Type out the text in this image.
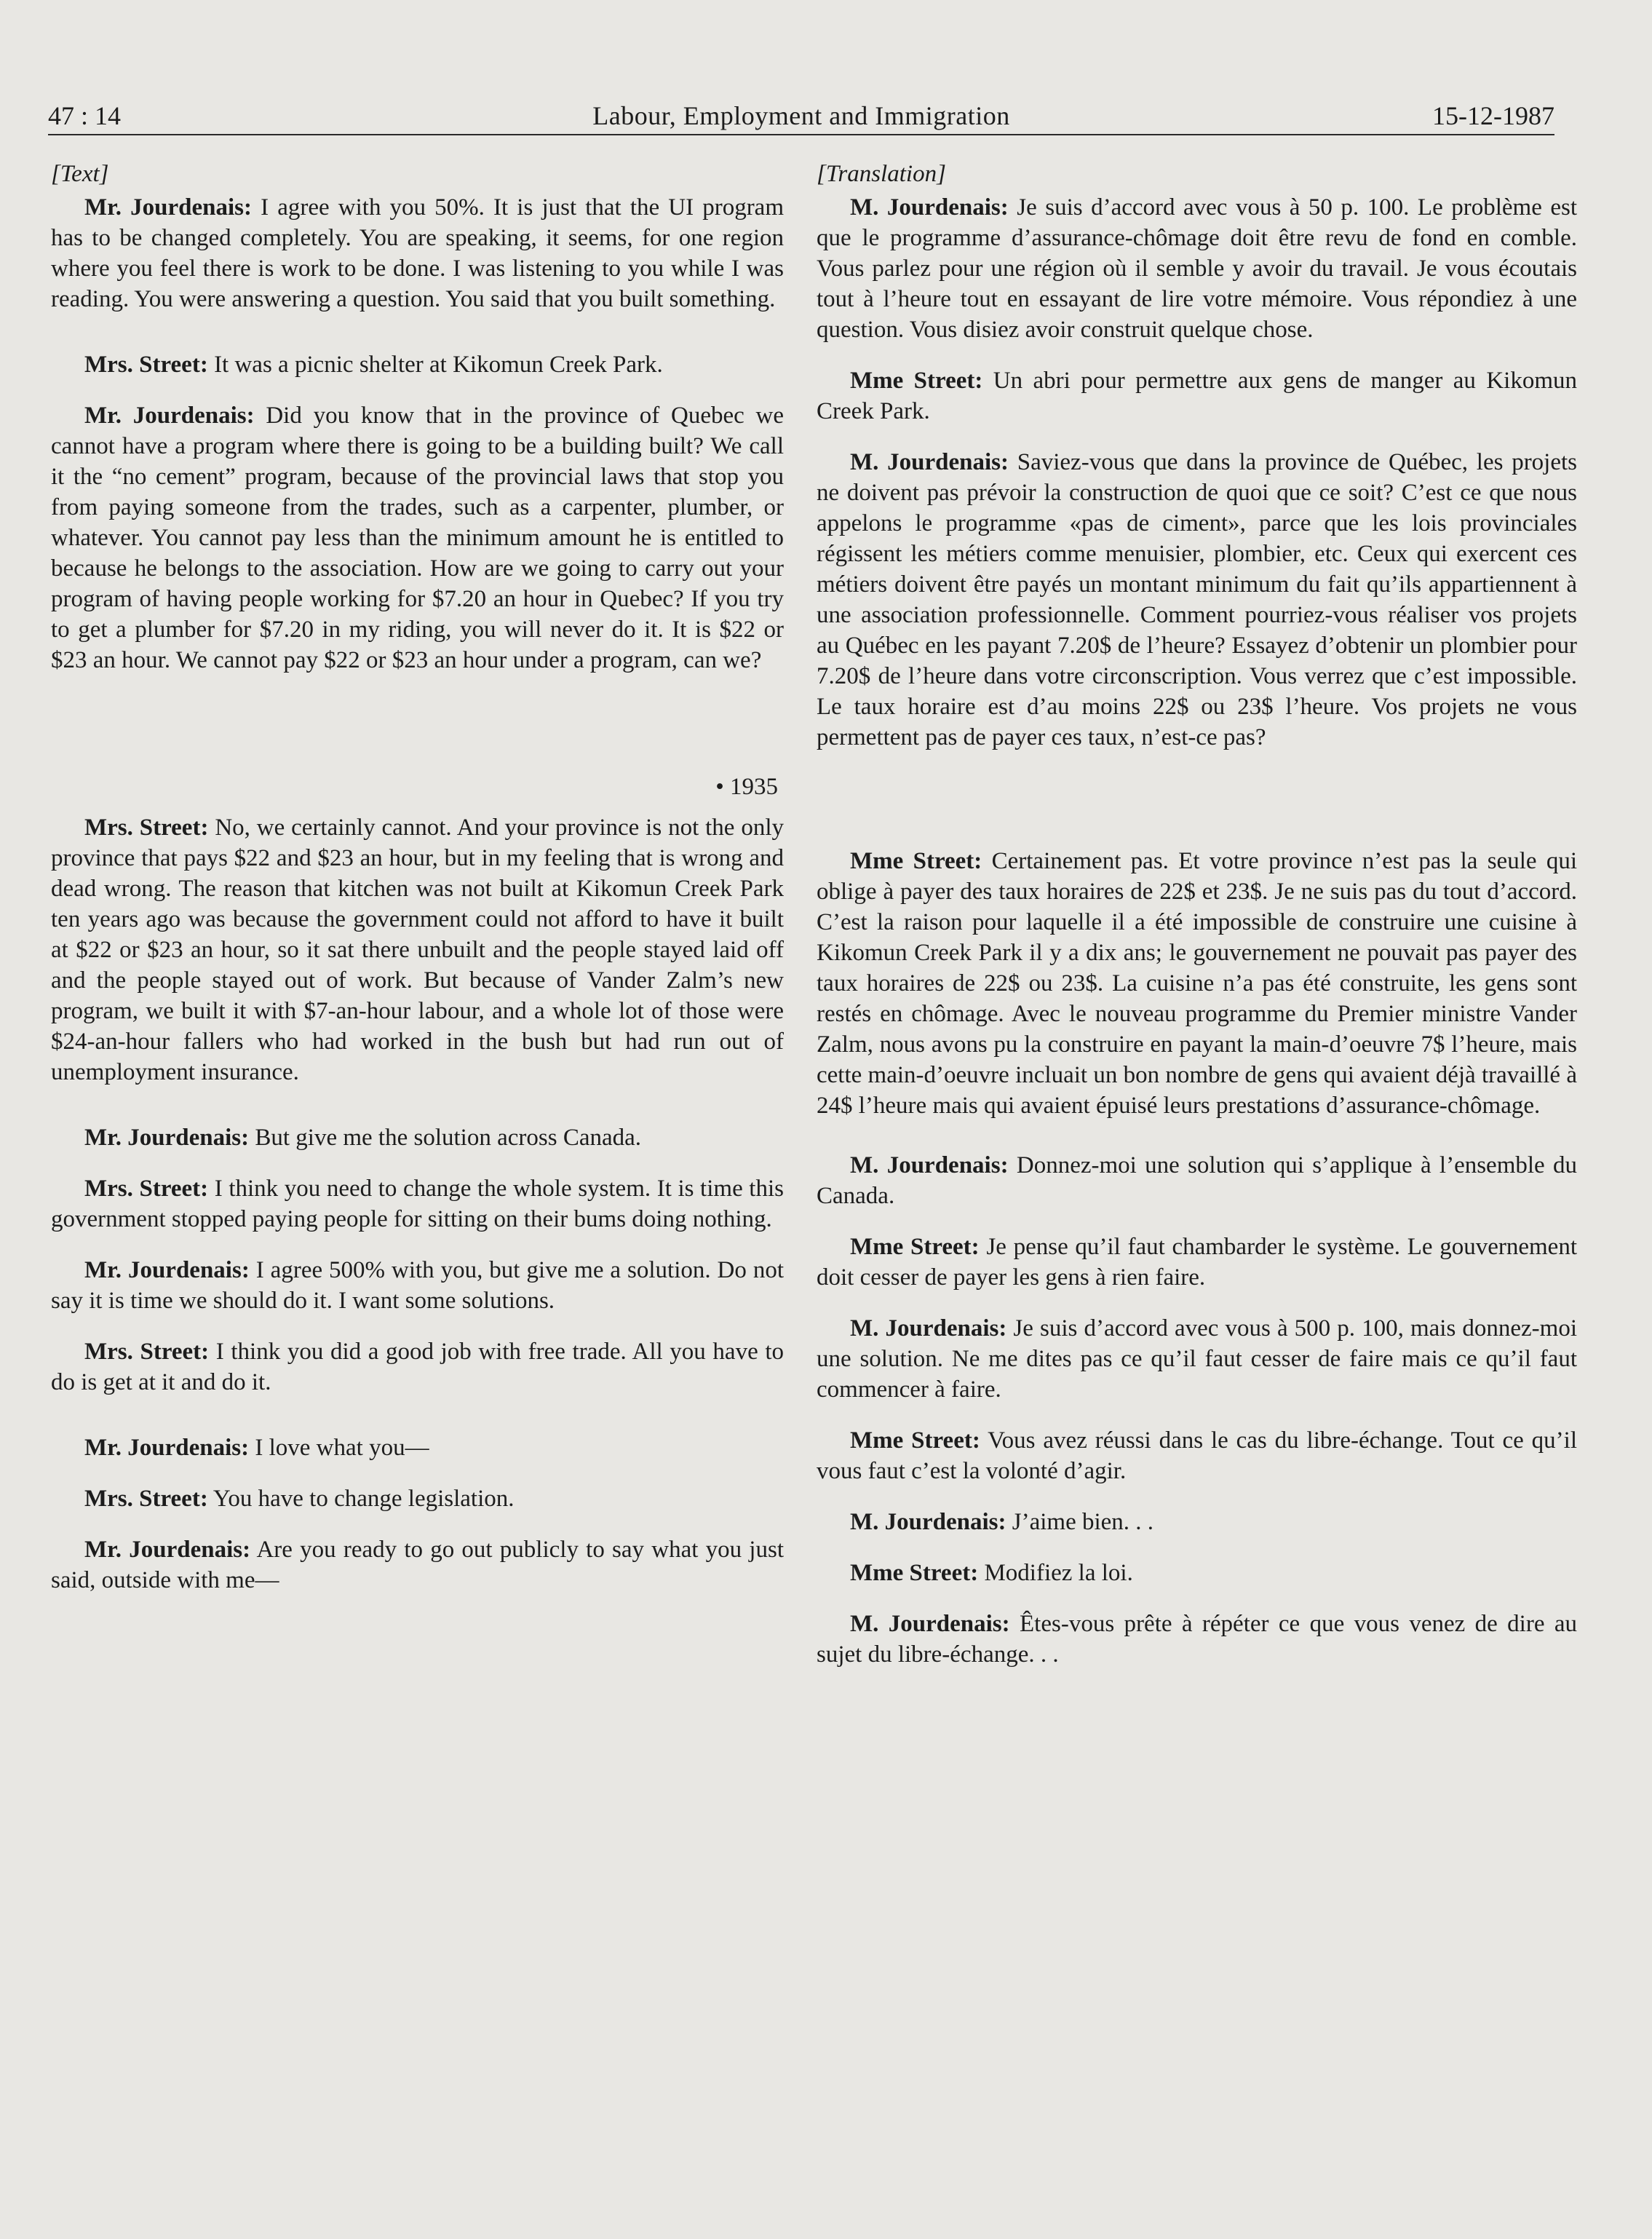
47 : 14	Labour, Employment and Immigration	15-12-1987
[Text]

Mr. Jourdenais: I agree with you 50%. It is just that the UI program has to be changed completely. You are speaking, it seems, for one region where you feel there is work to be done. I was listening to you while I was reading. You were answering a question. You said that you built something.

Mrs. Street: It was a picnic shelter at Kikomun Creek Park.

Mr. Jourdenais: Did you know that in the province of Quebec we cannot have a program where there is going to be a building built? We call it the “no cement” program, because of the provincial laws that stop you from paying someone from the trades, such as a carpenter, plumber, or whatever. You cannot pay less than the minimum amount he is entitled to because he belongs to the association. How are we going to carry out your program of having people working for $7.20 an hour in Quebec? If you try to get a plumber for $7.20 in my riding, you will never do it. It is $22 or $23 an hour. We cannot pay $22 or $23 an hour under a program, can we?

• 1935

Mrs. Street: No, we certainly cannot. And your province is not the only province that pays $22 and $23 an hour, but in my feeling that is wrong and dead wrong. The reason that kitchen was not built at Kikomun Creek Park ten years ago was because the government could not afford to have it built at $22 or $23 an hour, so it sat there unbuilt and the people stayed laid off and the people stayed out of work. But because of Vander Zalm’s new program, we built it with $7-an-hour labour, and a whole lot of those were $24-an-hour fallers who had worked in the bush but had run out of unemployment insurance.

Mr. Jourdenais: But give me the solution across Canada.

Mrs. Street: I think you need to change the whole system. It is time this government stopped paying people for sitting on their bums doing nothing.

Mr. Jourdenais: I agree 500% with you, but give me a solution. Do not say it is time we should do it. I want some solutions.

Mrs. Street: I think you did a good job with free trade. All you have to do is get at it and do it.

Mr. Jourdenais: I love what you—

Mrs. Street: You have to change legislation.

Mr. Jourdenais: Are you ready to go out publicly to say what you just said, outside with me—

[Translation]

M. Jourdenais: Je suis d’accord avec vous à 50 p. 100. Le problème est que le programme d’assurance-chômage doit être revu de fond en comble. Vous parlez pour une région où il semble y avoir du travail. Je vous écoutais tout à l’heure tout en essayant de lire votre mémoire. Vous répondiez à une question. Vous disiez avoir construit quelque chose.

Mme Street: Un abri pour permettre aux gens de manger au Kikomun Creek Park.

M. Jourdenais: Saviez-vous que dans la province de Québec, les projets ne doivent pas prévoir la construction de quoi que ce soit? C’est ce que nous appelons le programme «pas de ciment», parce que les lois provinciales régissent les métiers comme menuisier, plombier, etc. Ceux qui exercent ces métiers doivent être payés un montant minimum du fait qu’ils appartiennent à une association professionnelle. Comment pourriez-vous réaliser vos projets au Québec en les payant 7.20$ de l’heure? Essayez d’obtenir un plombier pour 7.20$ de l’heure dans votre circonscription. Vous verrez que c’est impossible. Le taux horaire est d’au moins 22$ ou 23$ l’heure. Vos projets ne vous permettent pas de payer ces taux, n’est-ce pas?

Mme Street: Certainement pas. Et votre province n’est pas la seule qui oblige à payer des taux horaires de 22$ et 23$. Je ne suis pas du tout d’accord. C’est la raison pour laquelle il a été impossible de construire une cuisine à Kikomun Creek Park il y a dix ans; le gouvernement ne pouvait pas payer des taux horaires de 22$ ou 23$. La cuisine n’a pas été construite, les gens sont restés en chômage. Avec le nouveau programme du Premier ministre Vander Zalm, nous avons pu la construire en payant la main-d’oeuvre 7$ l’heure, mais cette main-d’oeuvre incluait un bon nombre de gens qui avaient déjà travaillé à 24$ l’heure mais qui avaient épuisé leurs prestations d’assurance-chômage.

M. Jourdenais: Donnez-moi une solution qui s’applique à l’ensemble du Canada.

Mme Street: Je pense qu’il faut chambarder le système. Le gouvernement doit cesser de payer les gens à rien faire.

M. Jourdenais: Je suis d’accord avec vous à 500 p. 100, mais donnez-moi une solution. Ne me dites pas ce qu’il faut cesser de faire mais ce qu’il faut commencer à faire.

Mme Street: Vous avez réussi dans le cas du libre-échange. Tout ce qu’il vous faut c’est la volonté d’agir.

M. Jourdenais: J’aime bien. . .

Mme Street: Modifiez la loi.

M. Jourdenais: Êtes-vous prête à répéter ce que vous venez de dire au sujet du libre-échange. . .
